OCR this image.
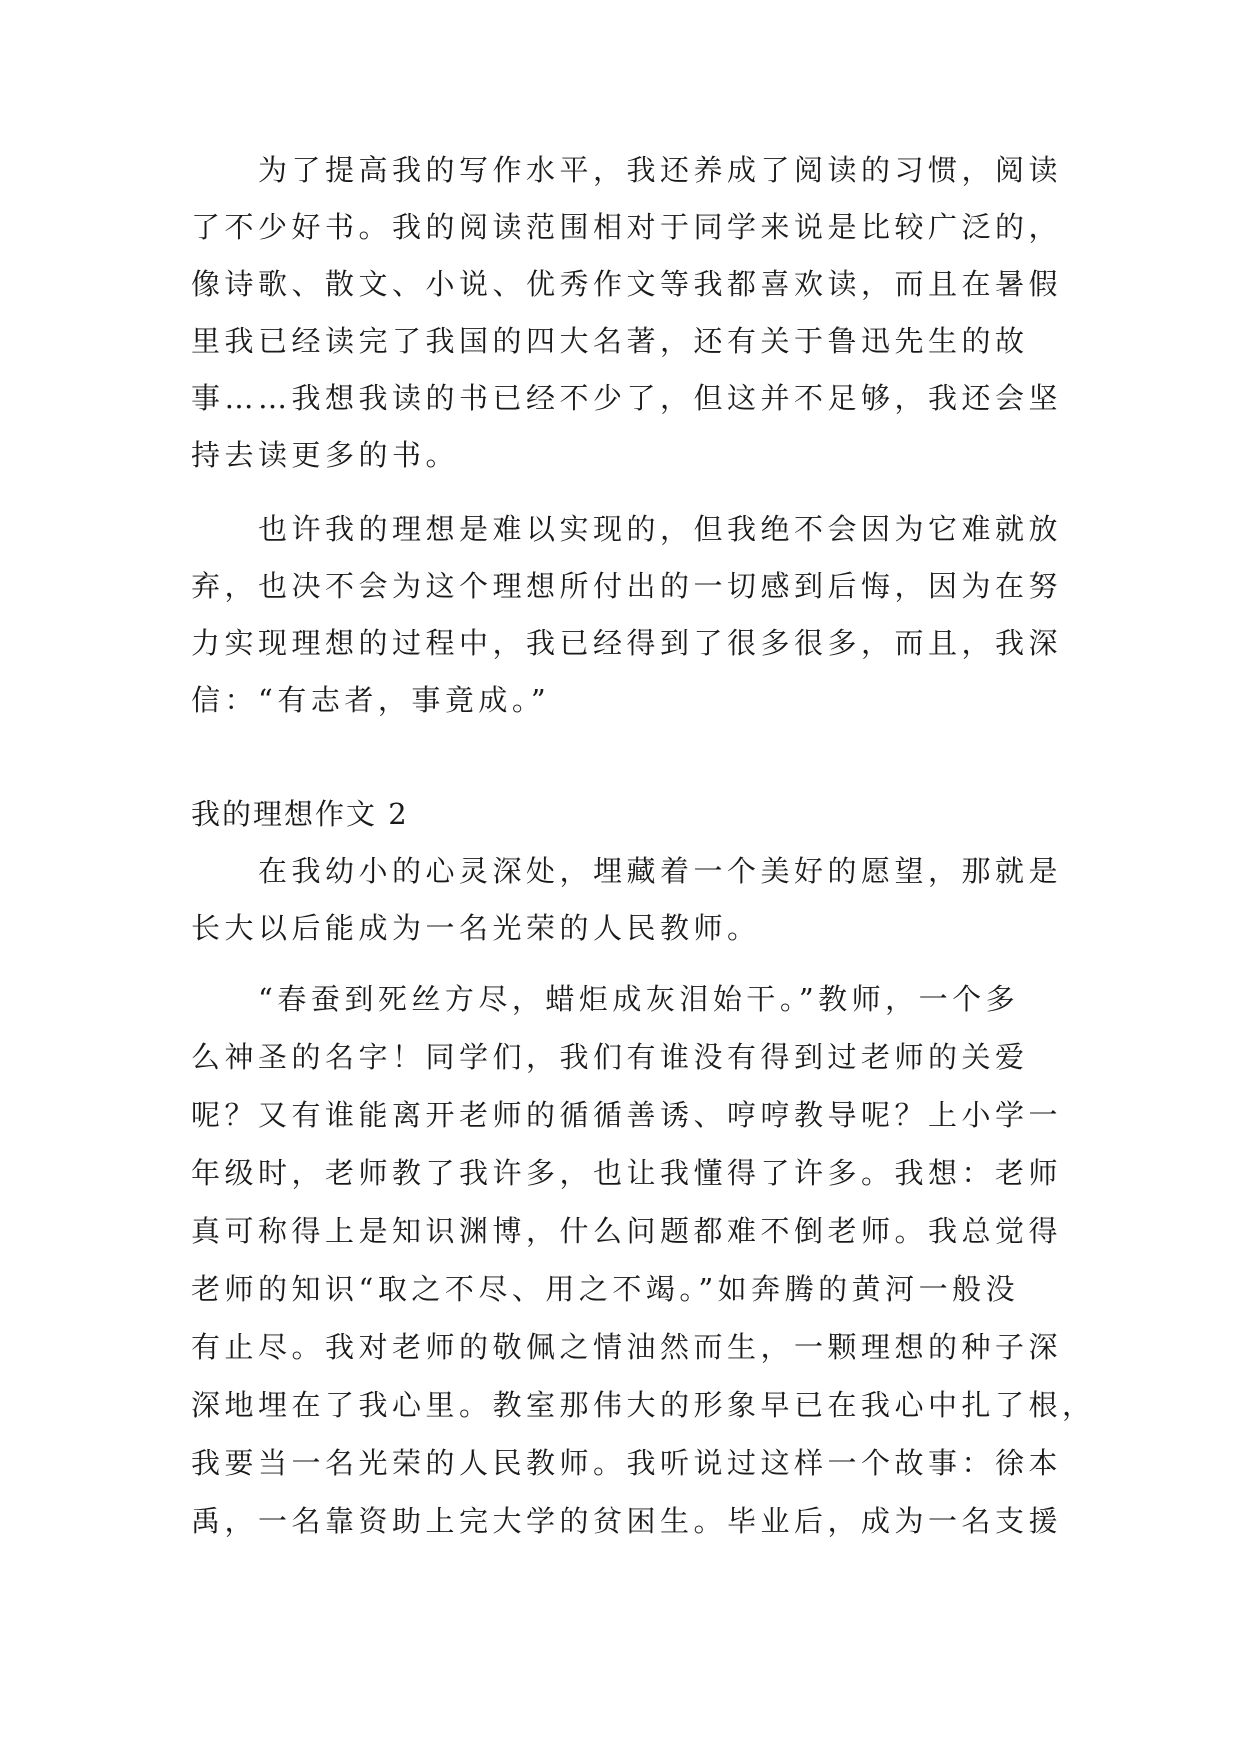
为了提高我的写作水平，我还养成了阅读的习惯，阅读
了不少好书。我的阅读范围相对于同学来说是比较广泛的，
像诗歌、散文、小说、优秀作文等我都喜欢读，而且在暑假
里我已经读完了我国的四大名著，还有关于鲁迅先生的故
事……我想我读的书已经不少了，但这并不足够，我还会坚
持去读更多的书。
也许我的理想是难以实现的，但我绝不会因为它难就放
弃，也决不会为这个理想所付出的一切感到后悔，因为在努
力实现理想的过程中，我已经得到了很多很多，而且，我深
信：“有志者，事竟成。”
我的理想作文 2
在我幼小的心灵深处，埋藏着一个美好的愿望，那就是
长大以后能成为一名光荣的人民教师。
“春蚕到死丝方尽，蜡炬成灰泪始干。”教师，一个多
么神圣的名字！同学们，我们有谁没有得到过老师的关爱
呢？又有谁能离开老师的循循善诱、哼哼教导呢？上小学一
年级时，老师教了我许多，也让我懂得了许多。我想：老师
真可称得上是知识渊博，什么问题都难不倒老师。我总觉得
老师的知识“取之不尽、用之不竭。”如奔腾的黄河一般没
有止尽。我对老师的敬佩之情油然而生，一颗理想的种子深
深地埋在了我心里。教室那伟大的形象早已在我心中扎了根，
我要当一名光荣的人民教师。我听说过这样一个故事：徐本
禹，一名靠资助上完大学的贫困生。毕业后，成为一名支援
